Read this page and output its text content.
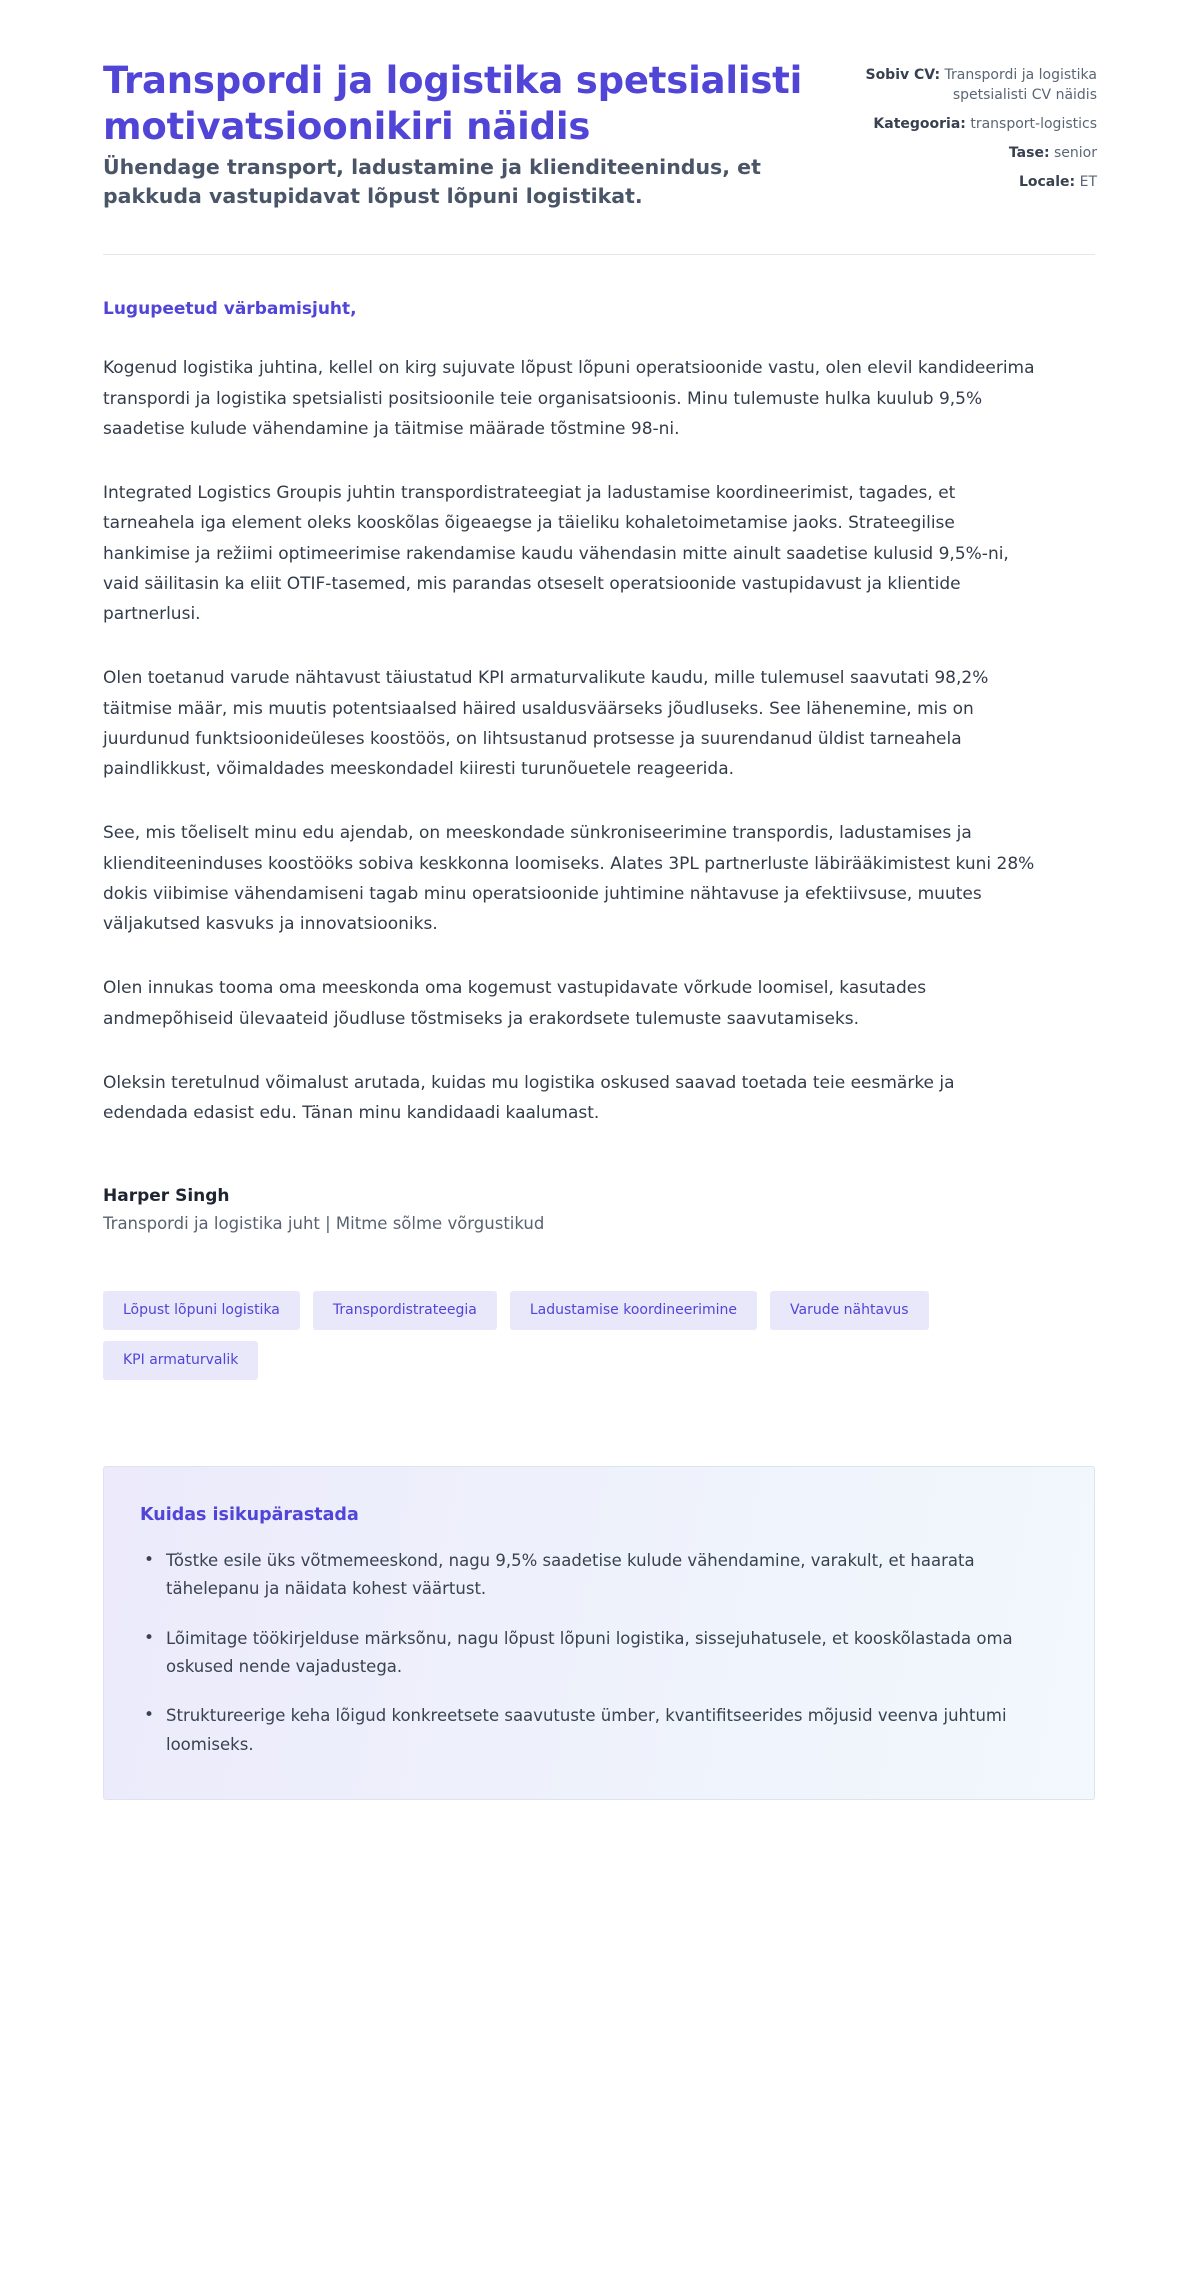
Transpordi ja logistika spetsialisti motivatsioonikiri näidis

Ühendage transport, ladustamine ja klienditeenindus, et pakkuda vastupidavat lõpust lõpuni logistikat.

Sobiv CV: Transpordi ja logistika spetsialisti CV näidis
Kategooria: transport-logistics
Tase: senior
Locale: ET

Lugupeetud värbamisjuht,

Kogenud logistika juhtina, kellel on kirg sujuvate lõpust lõpuni operatsioonide vastu, olen elevil kandideerima transpordi ja logistika spetsialisti positsioonile teie organisatsioonis. Minu tulemuste hulka kuulub 9,5% saadetise kulude vähendamine ja täitmise määrade tõstmine 98-ni.

Integrated Logistics Groupis juhtin transpordistrateegiat ja ladustamise koordineerimist, tagades, et tarneahela iga element oleks kooskõlas õigeaegse ja täieliku kohaletoimetamise jaoks. Strateegilise hankimise ja režiimi optimeerimise rakendamise kaudu vähendasin mitte ainult saadetise kulusid 9,5%-ni, vaid säilitasin ka eliit OTIF-tasemed, mis parandas otseselt operatsioonide vastupidavust ja klientide partnerlusi.

Olen toetanud varude nähtavust täiustatud KPI armaturvalikute kaudu, mille tulemusel saavutati 98,2% täitmise määr, mis muutis potentsiaalsed häired usaldusväärseks jõudluseks. See lähenemine, mis on juurdunud funktsioonideüleses koostöös, on lihtsustanud protsesse ja suurendanud üldist tarneahela paindlikkust, võimaldades meeskondadel kiiresti turunõuetele reageerida.

See, mis tõeliselt minu edu ajendab, on meeskondade sünkroniseerimine transpordis, ladustamises ja klienditeeninduses koostööks sobiva keskkonna loomiseks. Alates 3PL partnerluste läbirääkimistest kuni 28% dokis viibimise vähendamiseni tagab minu operatsioonide juhtimine nähtavuse ja efektiivsuse, muutes väljakutsed kasvuks ja innovatsiooniks.

Olen innukas tooma oma meeskonda oma kogemust vastupidavate võrkude loomisel, kasutades andmepõhiseid ülevaateid jõudluse tõstmiseks ja erakordsete tulemuste saavutamiseks.

Oleksin teretulnud võimalust arutada, kuidas mu logistika oskused saavad toetada teie eesmärke ja edendada edasist edu. Tänan minu kandidaadi kaalumast.

Harper Singh

Transpordi ja logistika juht | Mitme sõlme võrgustikud

Lõpust lõpuni logistika	Transpordistrateegia	Ladustamise koordineerimine	Varude nähtavus
KPI armaturvalik
Kuidas isikupärastada
• Tõstke esile üks võtmemeeskond, nagu 9,5% saadetise kulude vähendamine, varakult, et haarata tähelepanu ja näidata kohest väärtust.
• Lõimitage töökirjelduse märksõnu, nagu lõpust lõpuni logistika, sissejuhatusele, et kooskõlastada oma oskused nende vajadustega.
• Struktureerige keha lõigud konkreetsete saavutuste ümber, kvantifitseerides mõjusid veenva juhtumi loomiseks.
